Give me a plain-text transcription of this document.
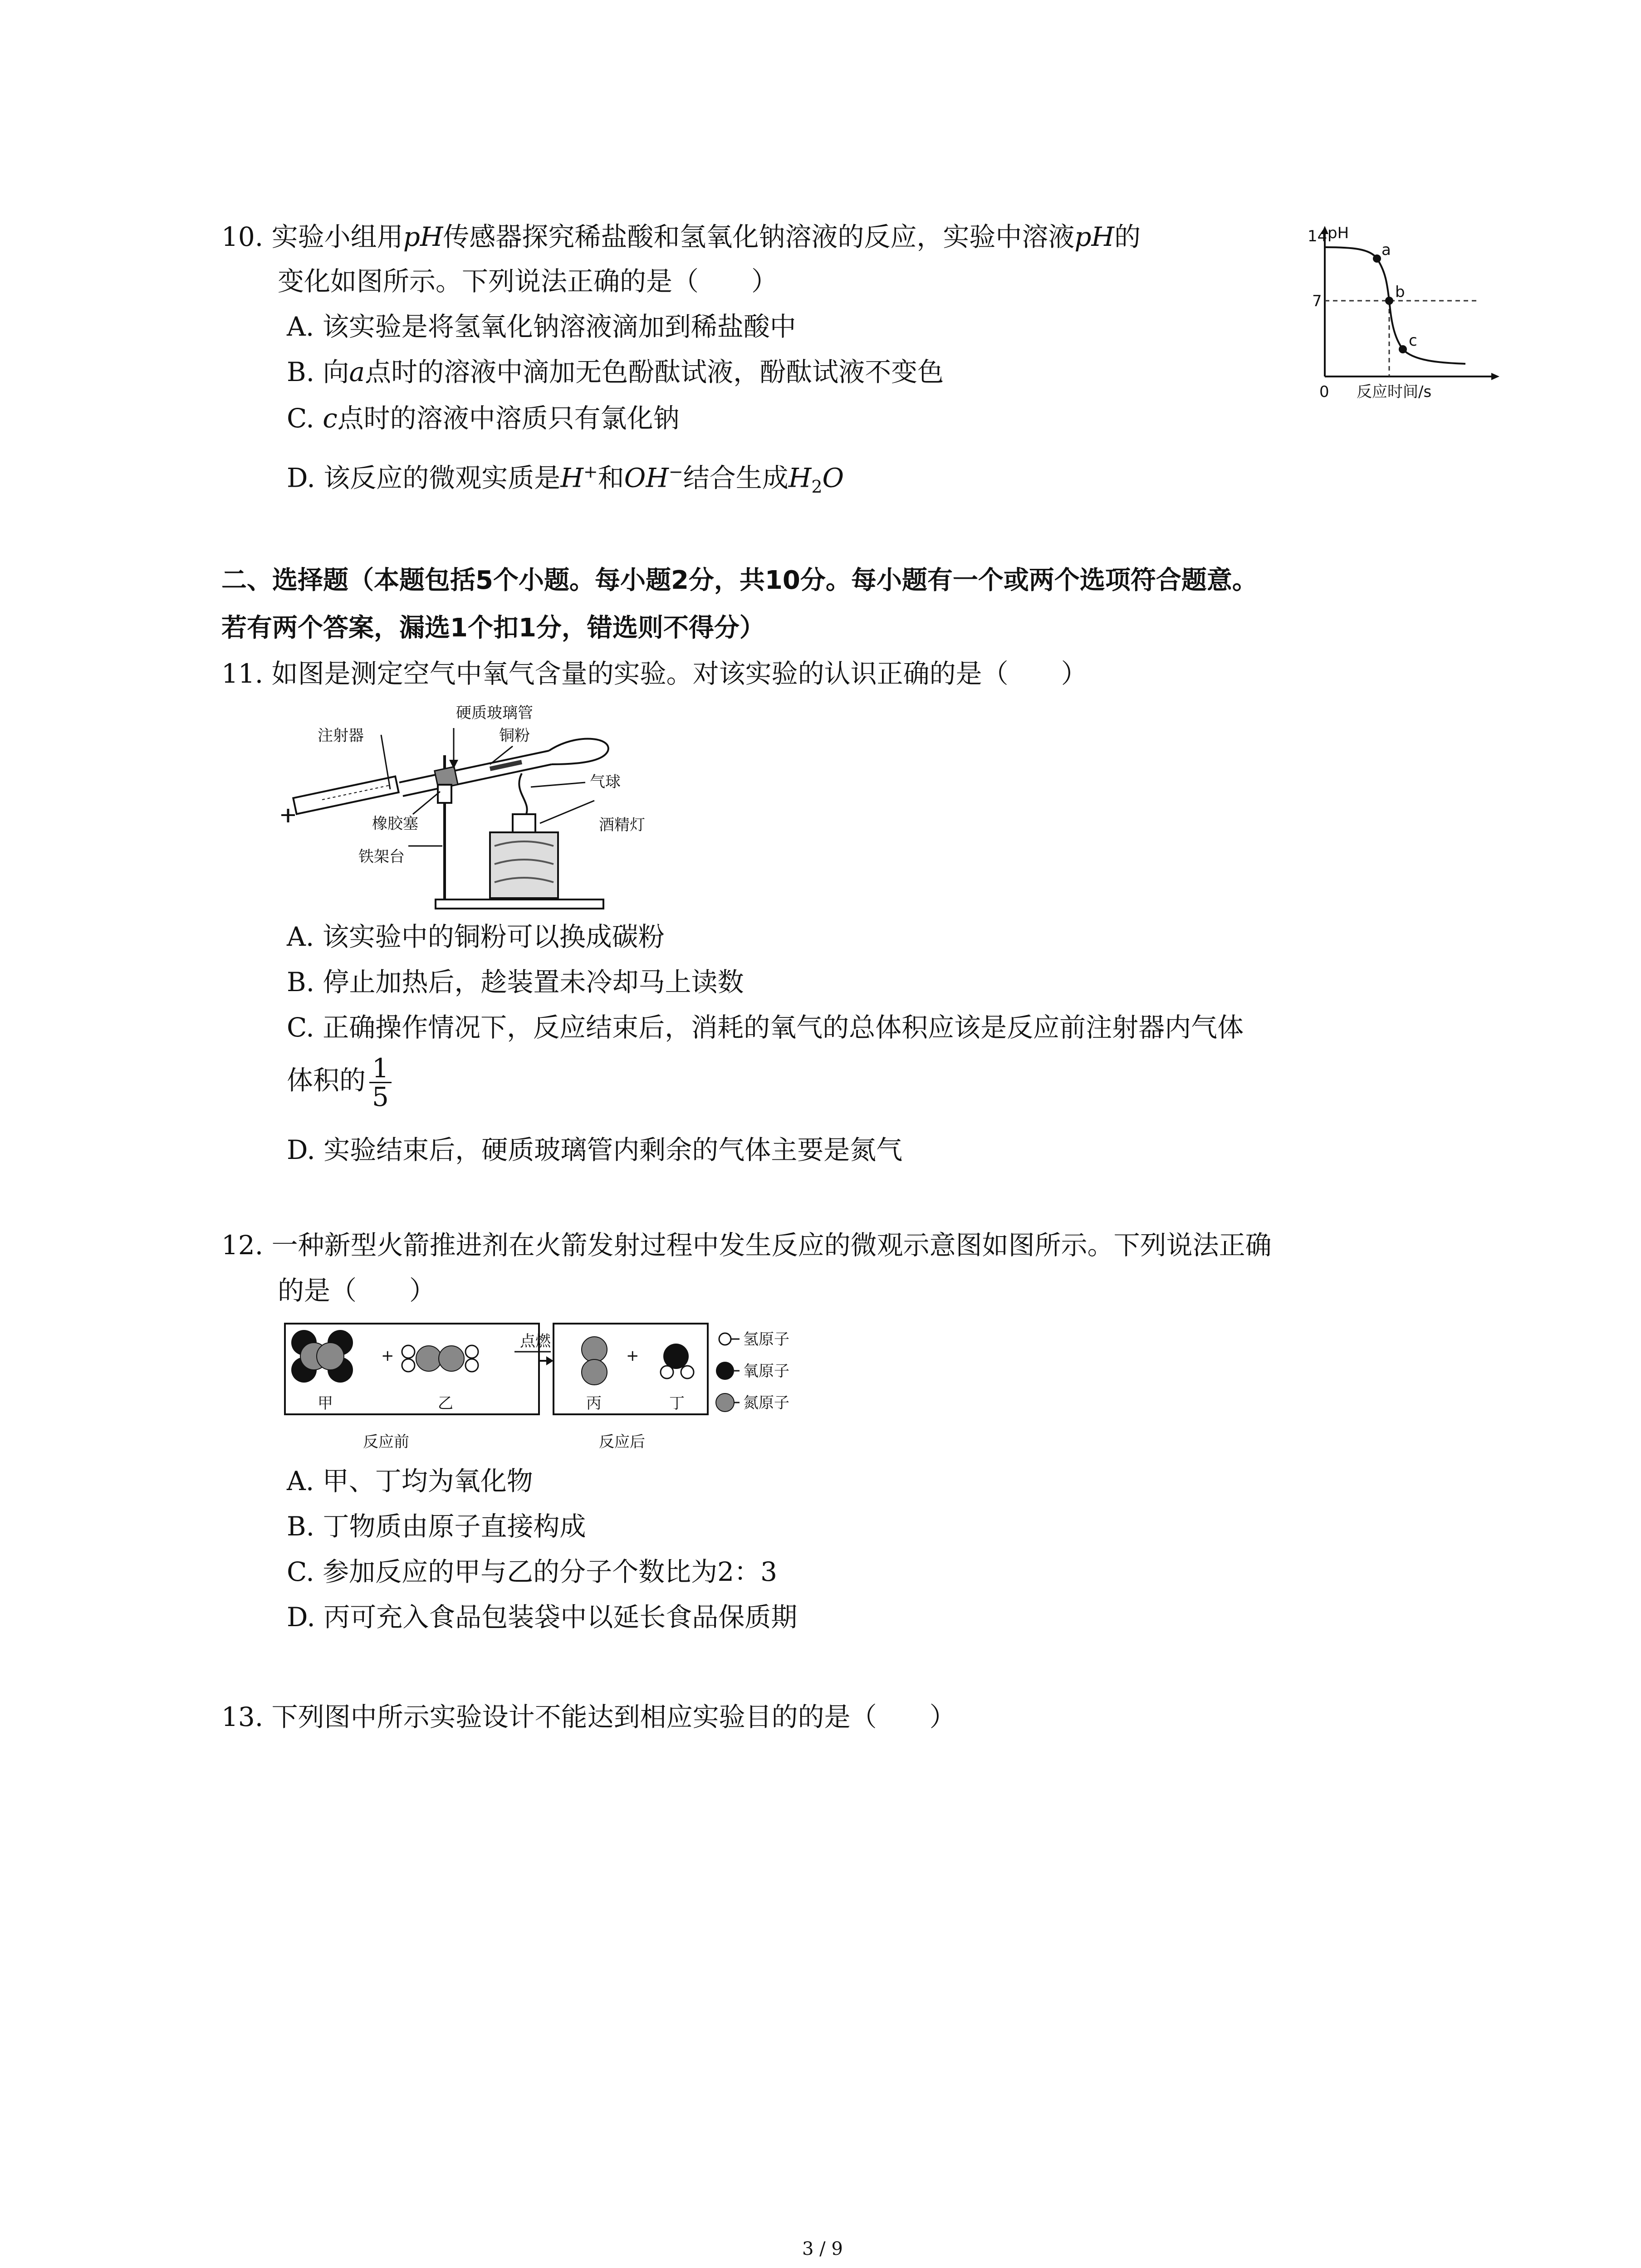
10. 实验小组用pH传感器探究稀盐酸和氢氧化钠溶液的反应，实验中溶液pH的
变化如图所示。下列说法正确的是（　　）
A. 该实验是将氢氧化钠溶液滴加到稀盐酸中
B. 向a点时的溶液中滴加无色酚酞试液，酚酞试液不变色
C. c点时的溶液中溶质只有氯化钠
D. 该反应的微观实质是H+和OH−结合生成$H_2O$
14 pH
7
0 反应时间/s
a
b
c
二、选择题（本题包括5个小题。每小题2分，共10分。每小题有一个或两个选项符合题意。
若有两个答案，漏选1个扣1分，错选则不得分）
11. 如图是测定空气中氧气含量的实验。对该实验的认识正确的是（　　）
硬质玻璃管
铜粉
注射器
气球
橡胶塞	酒精灯
铁架台
A. 该实验中的铜粉可以换成碳粉
B. 停止加热后，趁装置未冷却马上读数
C. 正确操作情况下，反应结束后，消耗的氧气的总体积应该是反应前注射器内气体
体积的 $\frac{1}{5}$
D. 实验结束后，硬质玻璃管内剩余的气体主要是氮气
12. 一种新型火箭推进剂在火箭发射过程中发生反应的微观示意图如图所示。下列说法正确
的是（　　）
+
甲	乙
点燃
+
丙	丁
反应前	反应后
氢原子
氧原子
氮原子
A. 甲、丁均为氧化物
B. 丁物质由原子直接构成
C. 参加反应的甲与乙的分子个数比为2：3
D. 丙可充入食品包装袋中以延长食品保质期
13. 下列图中所示实验设计不能达到相应实验目的的是（　　）
3 / 9
